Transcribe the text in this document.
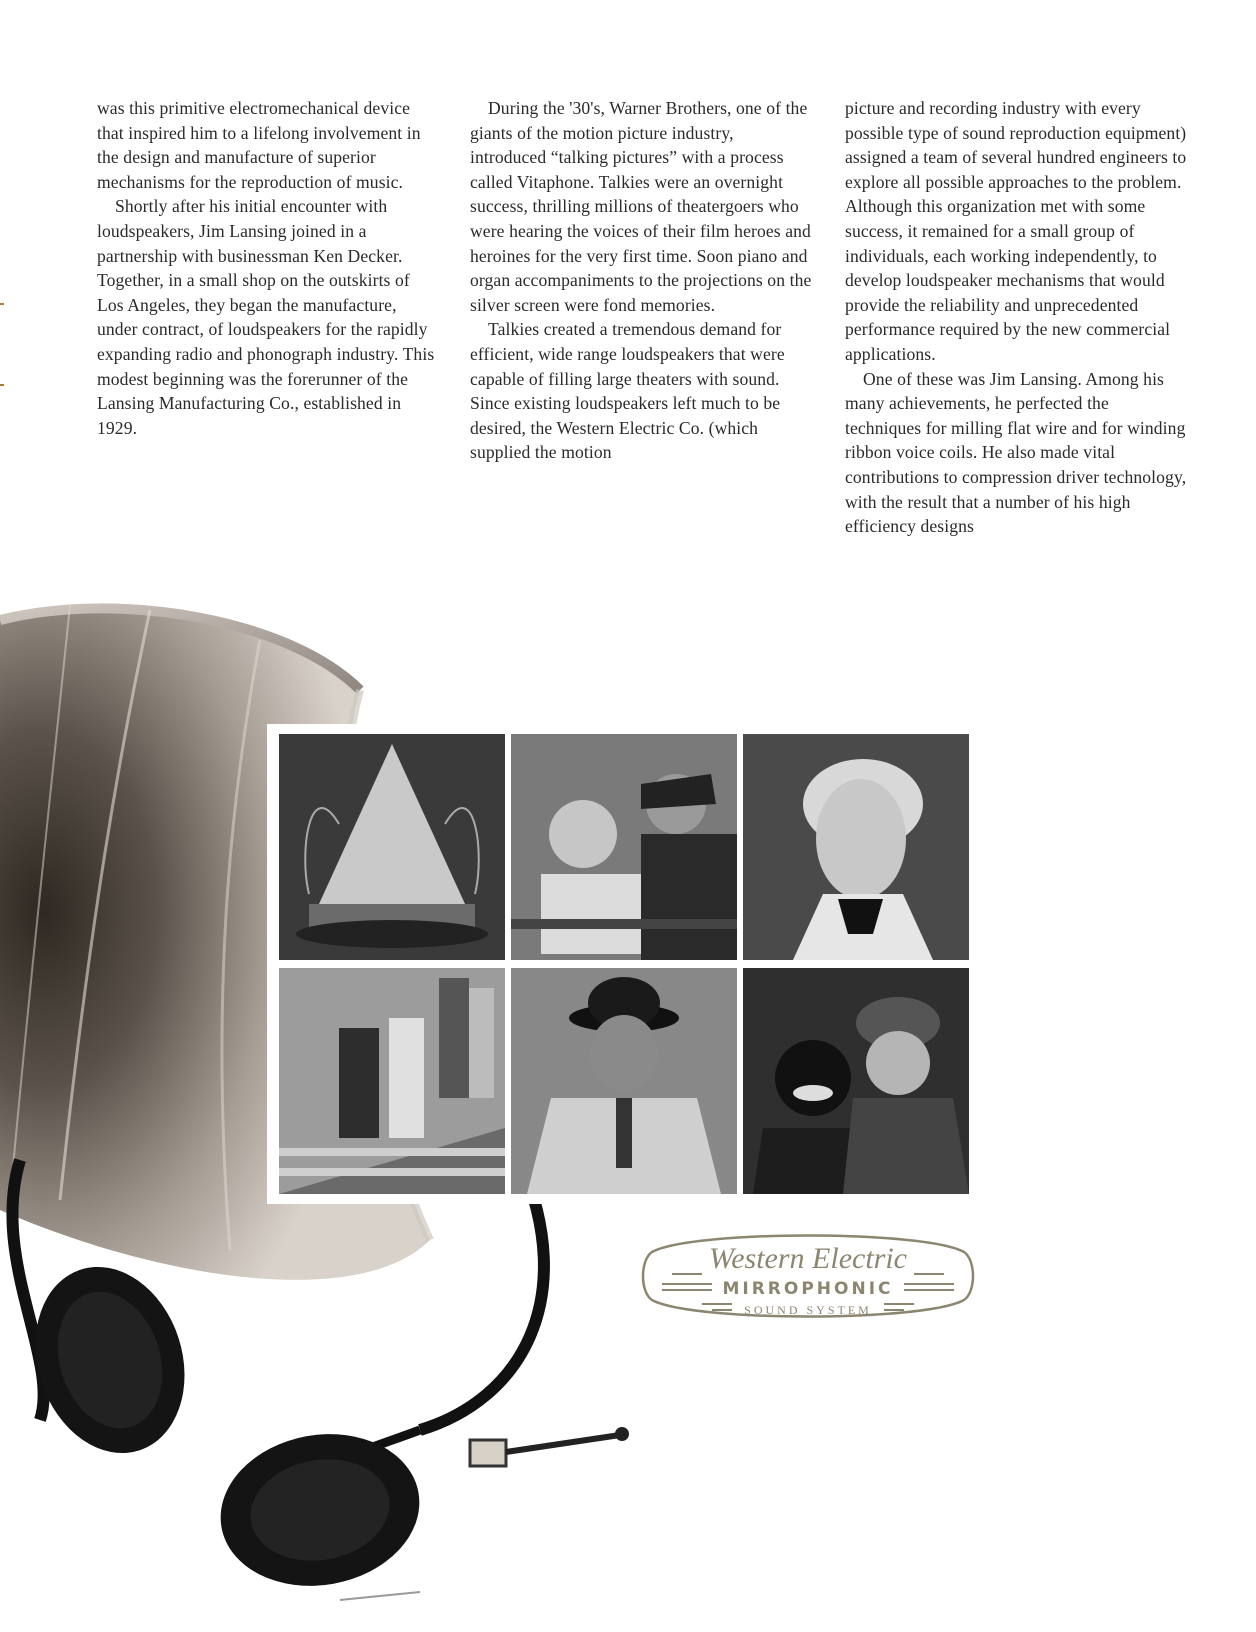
was this primitive electromechanical device that inspired him to a lifelong involvement in the design and manufacture of superior mechanisms for the reproduction of music.

Shortly after his initial encounter with loudspeakers, Jim Lansing joined in a partnership with businessman Ken Decker. Together, in a small shop on the outskirts of Los Angeles, they began the manufacture, under contract, of loudspeakers for the rapidly expanding radio and phonograph industry. This modest beginning was the forerunner of the Lansing Manufacturing Co., established in 1929.

During the '30's, Warner Brothers, one of the giants of the motion picture industry, introduced “talking pictures” with a process called Vitaphone. Talkies were an overnight success, thrilling millions of theatergoers who were hearing the voices of their film heroes and heroines for the very first time. Soon piano and organ accompaniments to the projections on the silver screen were fond memories.

Talkies created a tremendous demand for efficient, wide range loudspeakers that were capable of filling large theaters with sound. Since existing loudspeakers left much to be desired, the Western Electric Co. (which supplied the motion

picture and recording industry with every possible type of sound reproduction equipment) assigned a team of several hundred engineers to explore all possible approaches to the problem. Although this organization met with some success, it remained for a small group of individuals, each working independently, to develop loudspeaker mechanisms that would provide the reliability and unprecedented performance required by the new commercial applications.

One of these was Jim Lansing. Among his many achievements, he perfected the techniques for milling flat wire and for winding ribbon voice coils. He also made vital contributions to compression driver technology, with the result that a number of his high efficiency designs

Western Electric
MIRROPHONIC
SOUND SYSTEM
